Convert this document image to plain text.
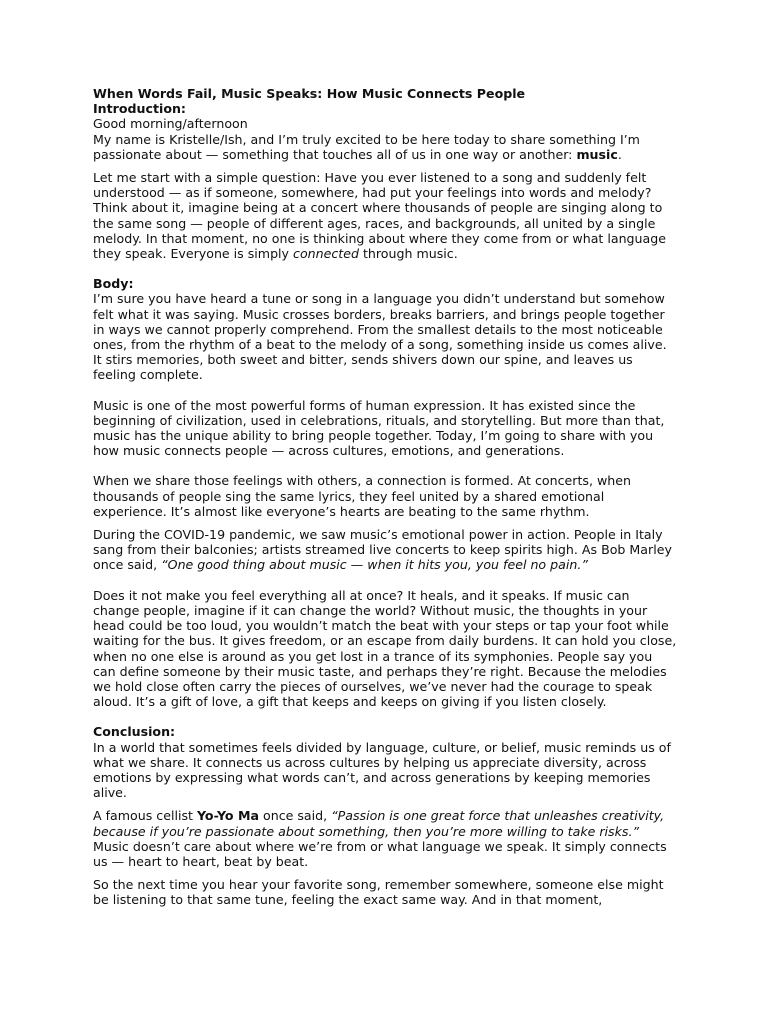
When Words Fail, Music Speaks: How Music Connects People

Introduction:

Good morning/afternoon

My name is Kristelle/Ish, and I’m truly excited to be here today to share something I’m passionate about — something that touches all of us in one way or another: music.

Let me start with a simple question: Have you ever listened to a song and suddenly felt understood — as if someone, somewhere, had put your feelings into words and melody? Think about it, imagine being at a concert where thousands of people are singing along to the same song — people of different ages, races, and backgrounds, all united by a single melody. In that moment, no one is thinking about where they come from or what language they speak. Everyone is simply connected through music.

Body:

I’m sure you have heard a tune or song in a language you didn’t understand but somehow felt what it was saying. Music crosses borders, breaks barriers, and brings people together in ways we cannot properly comprehend. From the smallest details to the most noticeable ones, from the rhythm of a beat to the melody of a song, something inside us comes alive. It stirs memories, both sweet and bitter, sends shivers down our spine, and leaves us feeling complete.

Music is one of the most powerful forms of human expression. It has existed since the beginning of civilization, used in celebrations, rituals, and storytelling. But more than that, music has the unique ability to bring people together. Today, I’m going to share with you how music connects people — across cultures, emotions, and generations.

When we share those feelings with others, a connection is formed. At concerts, when thousands of people sing the same lyrics, they feel united by a shared emotional experience. It’s almost like everyone’s hearts are beating to the same rhythm.

During the COVID-19 pandemic, we saw music’s emotional power in action. People in Italy sang from their balconies; artists streamed live concerts to keep spirits high. As Bob Marley once said, “One good thing about music — when it hits you, you feel no pain.”

Does it not make you feel everything all at once? It heals, and it speaks. If music can change people, imagine if it can change the world? Without music, the thoughts in your head could be too loud, you wouldn’t match the beat with your steps or tap your foot while waiting for the bus. It gives freedom, or an escape from daily burdens. It can hold you close, when no one else is around as you get lost in a trance of its symphonies. People say you can define someone by their music taste, and perhaps they’re right. Because the melodies we hold close often carry the pieces of ourselves, we’ve never had the courage to speak aloud. It’s a gift of love, a gift that keeps and keeps on giving if you listen closely.

Conclusion:

In a world that sometimes feels divided by language, culture, or belief, music reminds us of what we share. It connects us across cultures by helping us appreciate diversity, across emotions by expressing what words can’t, and across generations by keeping memories alive.

A famous cellist Yo-Yo Ma once said, “Passion is one great force that unleashes creativity, because if you’re passionate about something, then you’re more willing to take risks.” Music doesn’t care about where we’re from or what language we speak. It simply connects us — heart to heart, beat by beat.

So the next time you hear your favorite song, remember somewhere, someone else might be listening to that same tune, feeling the exact same way. And in that moment,
